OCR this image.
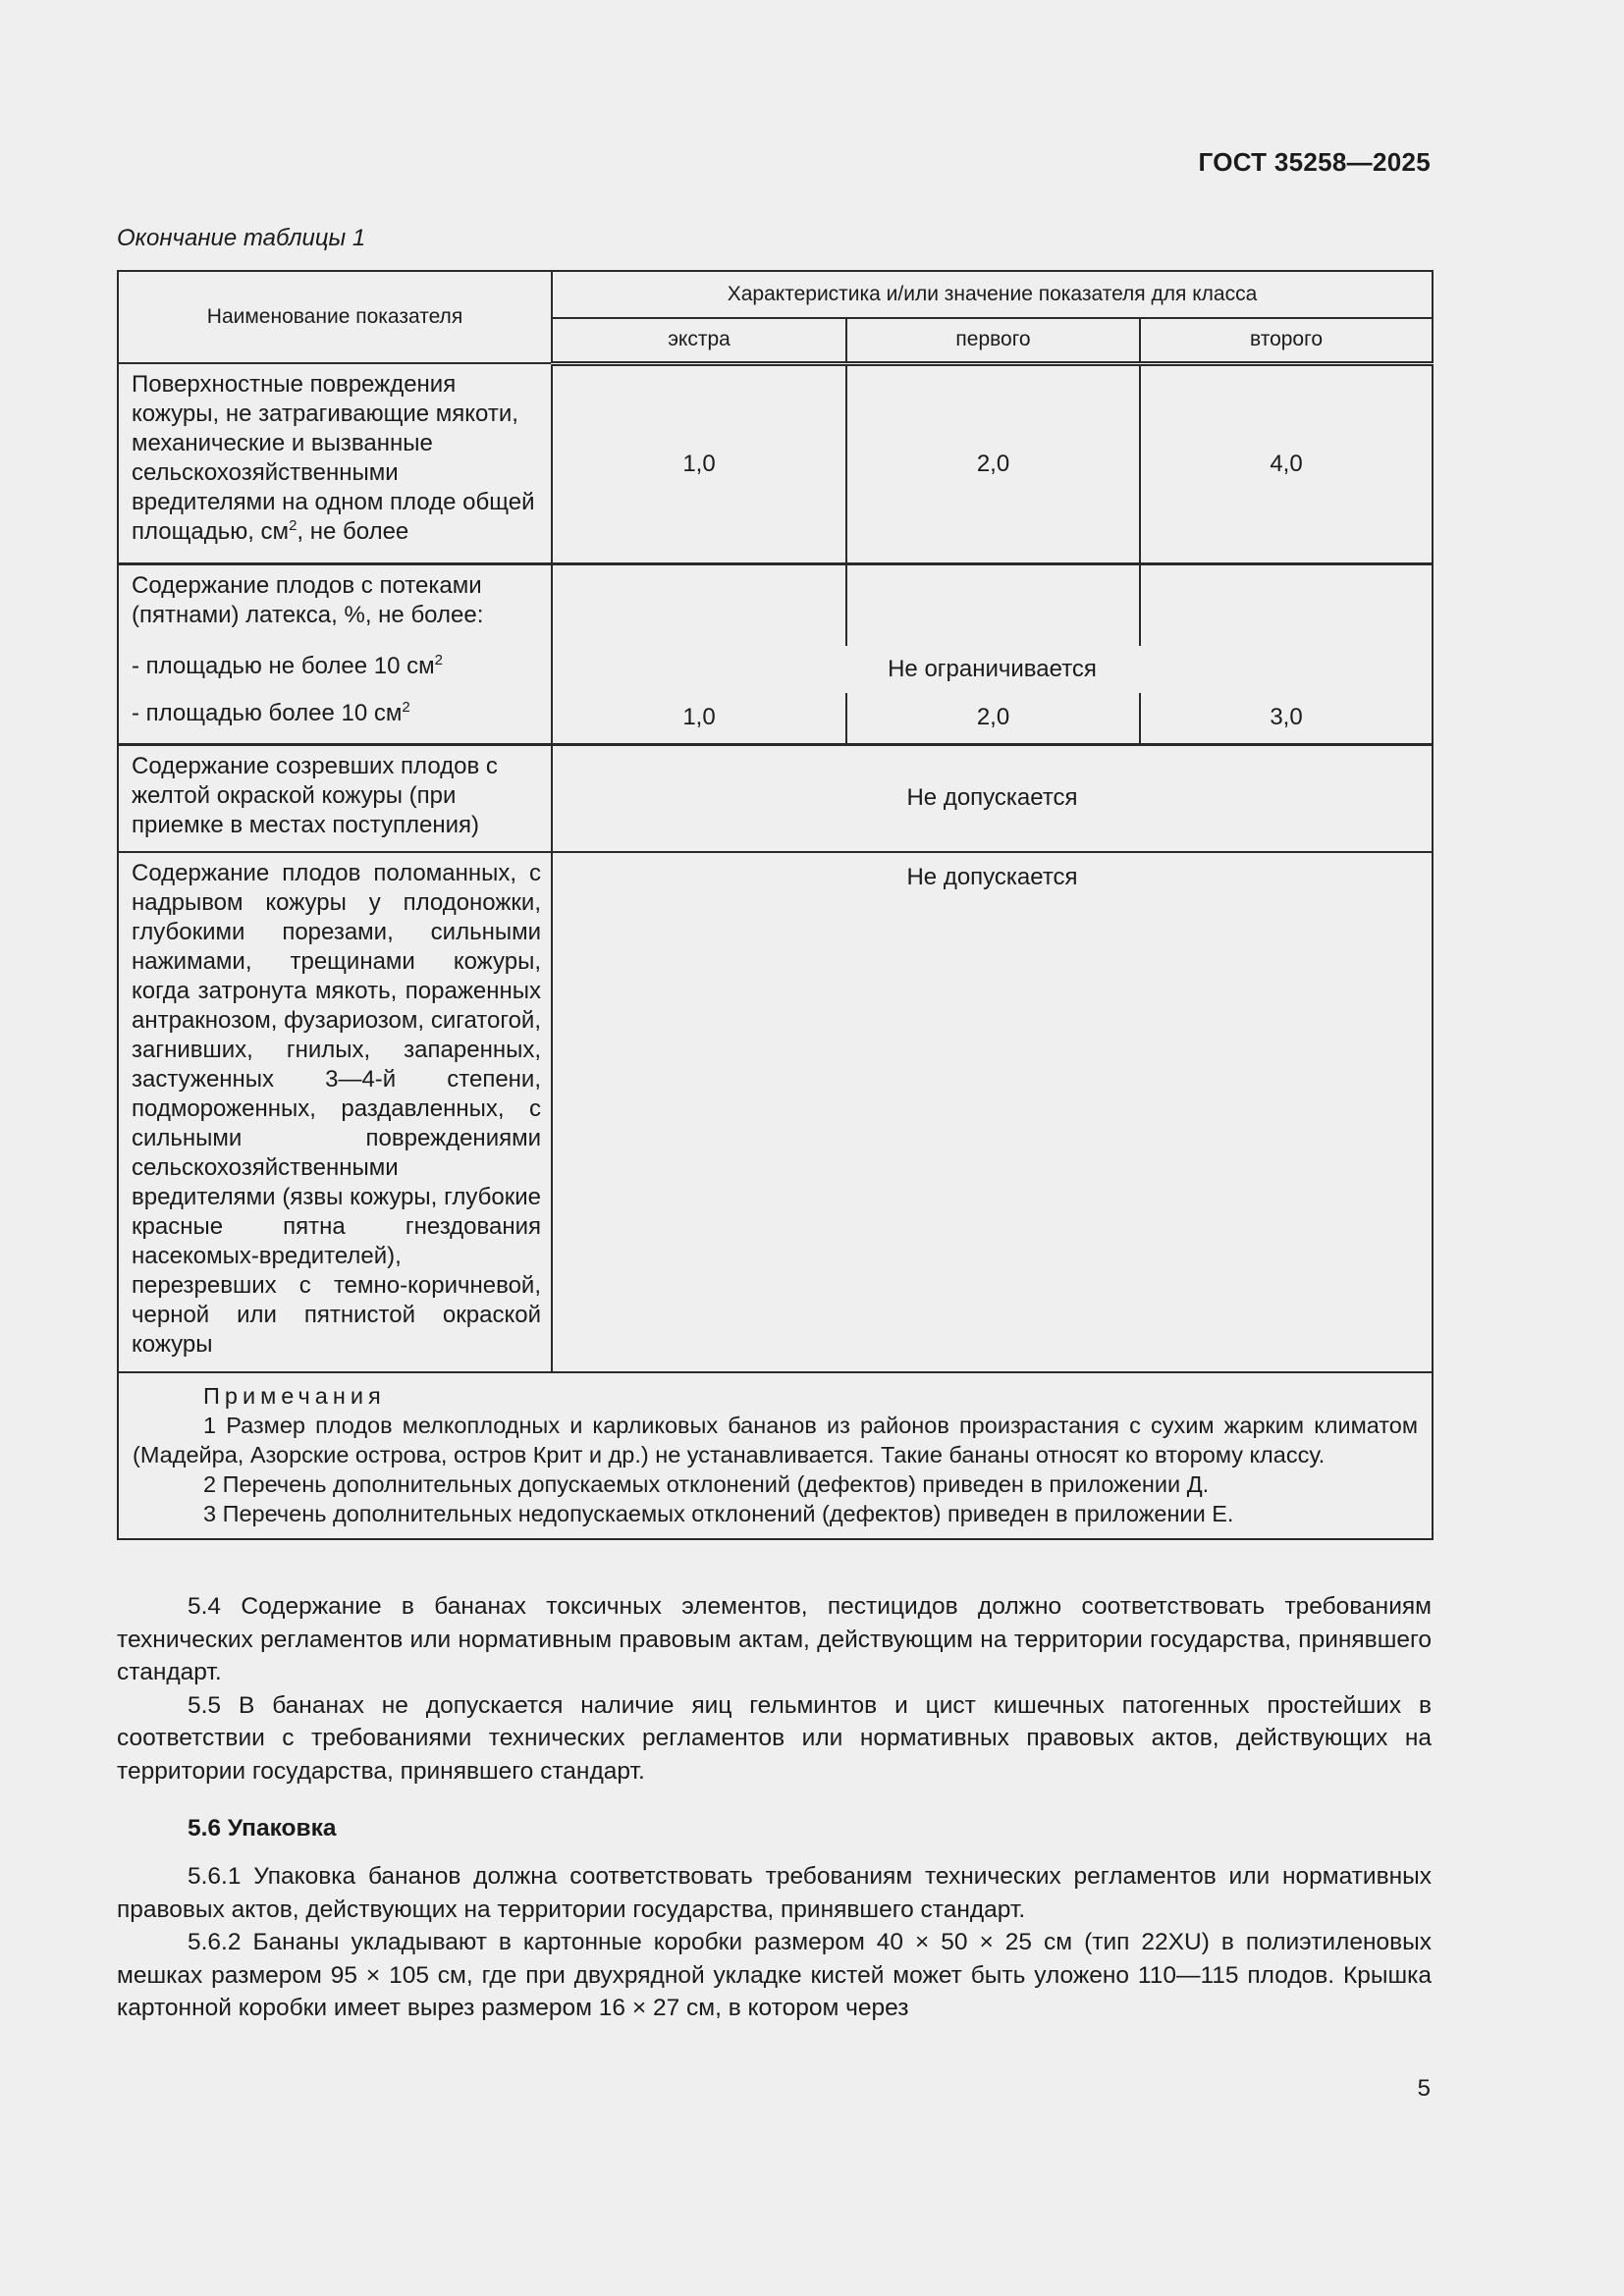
ГОСТ 35258—2025
Окончание таблицы 1
Наименование показателя	Характеристика и/или значение показателя для класса		
	экстра	первого	второго
Поверхностные повреждения кожуры, не затрагивающие мякоти, механические и вызванные сельскохозяйственными вредителями на одном плоде общей площадью, $см^2$, не более	1,0	2,0	4,0
Содержание плодов с потеками (пятнами) латекса, %, не более:			
- площадью не более 10 $см^2$	Не ограничивается		
- площадью более 10 $см^2$	1,0	2,0	3,0
Содержание созревших плодов с желтой окраской кожуры (при приемке в местах поступления)	Не допускается		
Содержание плодов поломанных, с надрывом кожуры у плодоножки, глубокими порезами, сильными нажимами, трещинами кожуры, когда затронута мякоть, пораженных антракнозом, фузариозом, сигатогой, загнивших, гнилых, запаренных, застуженных 3—4-й степени, подмороженных, раздавленных, с сильными повреждениями сельскохозяйственными вредителями (язвы кожуры, глубокие красные пятна гнездования насекомых-вредителей), перезревших с темно-коричневой, черной или пятнистой окраской кожуры	Не допускается		

Примечания
1 Размер плодов мелкоплодных и карликовых бананов из районов произрастания с сухим жарким климатом (Мадейра, Азорские острова, остров Крит и др.) не устанавливается. Такие бананы относят ко второму классу.
2 Перечень дополнительных допускаемых отклонений (дефектов) приведен в приложении Д.
3 Перечень дополнительных недопускаемых отклонений (дефектов) приведен в приложении Е.			

5.4 Содержание в бананах токсичных элементов, пестицидов должно соответствовать требованиям технических регламентов или нормативным правовым актам, действующим на территории государства, принявшего стандарт.

5.5 В бананах не допускается наличие яиц гельминтов и цист кишечных патогенных простейших в соответствии с требованиями технических регламентов или нормативных правовых актов, действующих на территории государства, принявшего стандарт.

5.6 Упаковка

5.6.1 Упаковка бананов должна соответствовать требованиям технических регламентов или нормативных правовых актов, действующих на территории государства, принявшего стандарт.

5.6.2 Бананы укладывают в картонные коробки размером 40 × 50 × 25 см (тип 22XU) в полиэтиленовых мешках размером 95 × 105 см, где при двухрядной укладке кистей может быть уложено 110—115 плодов. Крышка картонной коробки имеет вырез размером 16 × 27 см, в котором через

5
